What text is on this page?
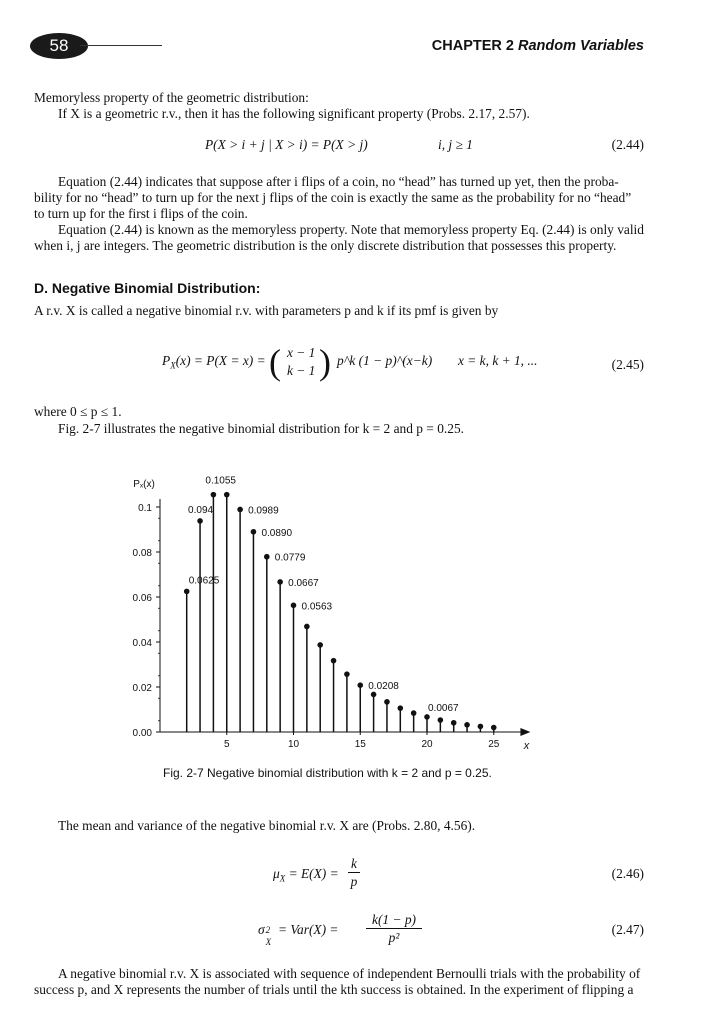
58	CHAPTER 2 Random Variables
Memoryless property of the geometric distribution:
If X is a geometric r.v., then it has the following significant property (Probs. 2.17, 2.57).
P(X > i + j | X > i) = P(X > j)	i, j ≥ 1	(2.44)
Equation (2.44) indicates that suppose after i flips of a coin, no “head” has turned up yet, then the proba-
bility for no “head” to turn up for the next j flips of the coin is exactly the same as the probability for no “head”
to turn up for the first i flips of the coin.
Equation (2.44) is known as the memoryless property. Note that memoryless property Eq. (2.44) is only valid
when i, j are integers. The geometric distribution is the only discrete distribution that possesses this property.
D. Negative Binomial Distribution:
A r.v. X is called a negative binomial r.v. with parameters p and k if its pmf is given by
$P_X(x) = P(X = x)$ = ( x − 1
k − 1 ) p^k (1 − p)^(x−k) x = k, k + 1, ...	(2.45)
where 0 ≤ p ≤ 1.
Fig. 2-7 illustrates the negative binomial distribution for k = 2 and p = 0.25.
0.00
0.02
0.04
0.06
0.08
0.1
5	10	15	20	25
Pₓ(x)
x
0.0625
0.094
0.1055
0.0989
0.0890
0.0779
0.0667
0.0563
0.0208
0.0067
Fig. 2-7 Negative binomial distribution with k = 2 and p = 0.25.
The mean and variance of the negative binomial r.v. X are (Probs. 2.80, 4.56).
$\mu_X = E(X)$ =
k
p
(2.46)
σ 2
X
= Var(X) =
k(1 − p)
p²
(2.47)
A negative binomial r.v. X is associated with sequence of independent Bernoulli trials with the probability of
success p, and X represents the number of trials until the kth success is obtained. In the experiment of flipping a
